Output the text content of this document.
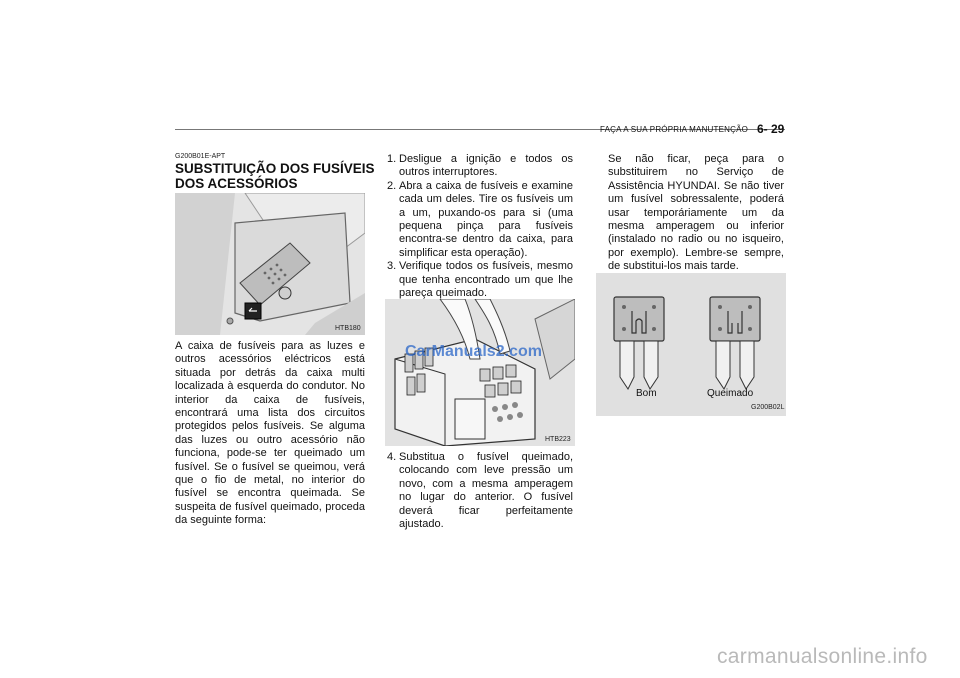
FAÇA A SUA PRÓPRIA MANUTENÇÃO 6- 29
G200B01E-APT
SUBSTITUIÇÃO DOS FUSÍVEIS DOS ACESSÓRIOS
HTB180
A caixa de fusíveis para as luzes e outros acessórios eléctricos está situada por detrás da caixa multi localizada à esquerda do condutor. No interior da caixa de fusíveis, encontrará uma lista dos circuitos protegidos pelos fusíveis. Se alguma das luzes ou outro acessório não funciona, pode-se ter queimado um fusível. Se o fusível se queimou, verá que o fio de metal, no interior do fusível se encontra queimada. Se suspeita de fusível queimado, proceda da seguinte forma:
1. Desligue a ignição e todos os outros interruptores.
2. Abra a caixa de fusíveis e examine cada um deles. Tire os fusíveis um a um, puxando-os para si (uma pequena pinça para fusíveis encontra-se dentro da caixa, para simplificar esta operação).
3. Verifique todos os fusíveis, mesmo que tenha encontrado um que lhe pareça queimado.
CarManuals2.com
HTB223
4. Substitua o fusível queimado, colocando com leve pressão um novo, com a mesma amperagem no lugar do anterior. O fusível deverá ficar perfeitamente ajustado.
Se não ficar, peça para o substituirem no Serviço de Assistência HYUNDAI. Se não tiver um fusível sobressalente, poderá usar temporáriamente um da mesma amperagem ou inferior (instalado no radio ou no isqueiro, por exemplo). Lembre-se sempre, de substitui-los mais tarde.
Bom	Queimado
G200B02L
carmanualsonline.info
